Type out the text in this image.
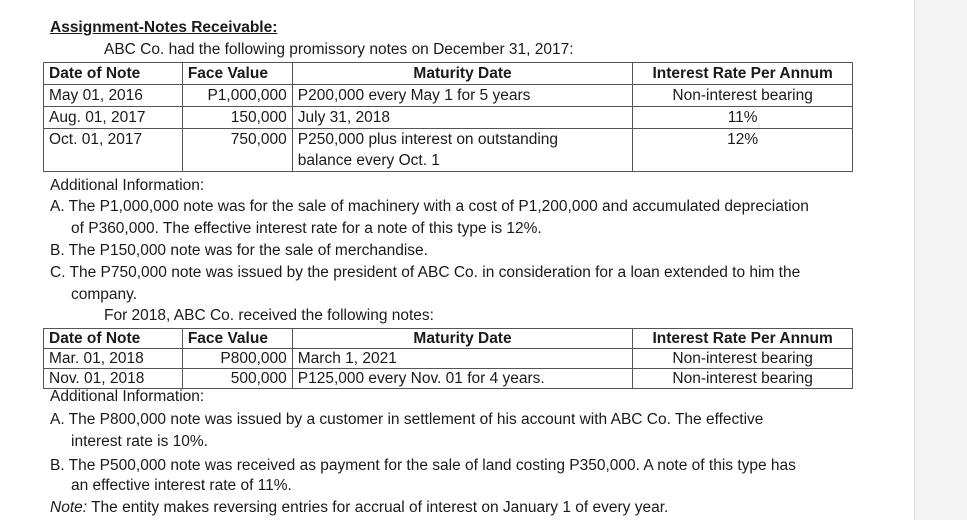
Assignment-Notes Receivable:
ABC Co. had the following promissory notes on December 31, 2017:
Date of Note	Face Value	Maturity Date	Interest Rate Per Annum
May 01, 2016	P1,000,000	P200,000 every May 1 for 5 years	Non-interest bearing
Aug. 01, 2017	150,000	July 31, 2018	11%
Oct. 01, 2017	750,000	P250,000 plus interest on outstanding
balance every Oct. 1	12%
Additional Information:
A. The P1,000,000 note was for the sale of machinery with a cost of P1,200,000 and accumulated depreciation
of P360,000. The effective interest rate for a note of this type is 12%.
B. The P150,000 note was for the sale of merchandise.
C. The P750,000 note was issued by the president of ABC Co. in consideration for a loan extended to him the
company.
For 2018, ABC Co. received the following notes:
Date of Note	Face Value	Maturity Date	Interest Rate Per Annum
Mar. 01, 2018	P800,000	March 1, 2021	Non-interest bearing
Nov. 01, 2018	500,000	P125,000 every Nov. 01 for 4 years.	Non-interest bearing
Additional Information:
A. The P800,000 note was issued by a customer in settlement of his account with ABC Co. The effective
interest rate is 10%.
B. The P500,000 note was received as payment for the sale of land costing P350,000. A note of this type has
an effective interest rate of 11%.
Note: The entity makes reversing entries for accrual of interest on January 1 of every year.
